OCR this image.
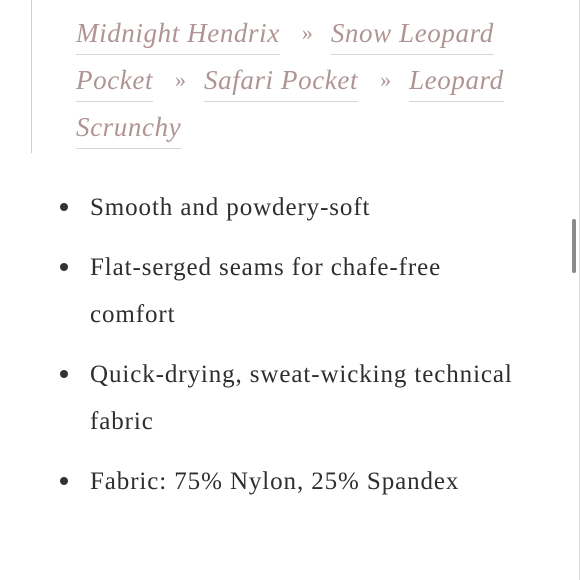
Midnight Hendrix » Snow Leopard
Pocket » Safari Pocket » Leopard
Scrunchy
Smooth and powdery-soft
Flat-serged seams for chafe-free comfort
Quick-drying, sweat-wicking technical fabric
Fabric: 75% Nylon, 25% Spandex
